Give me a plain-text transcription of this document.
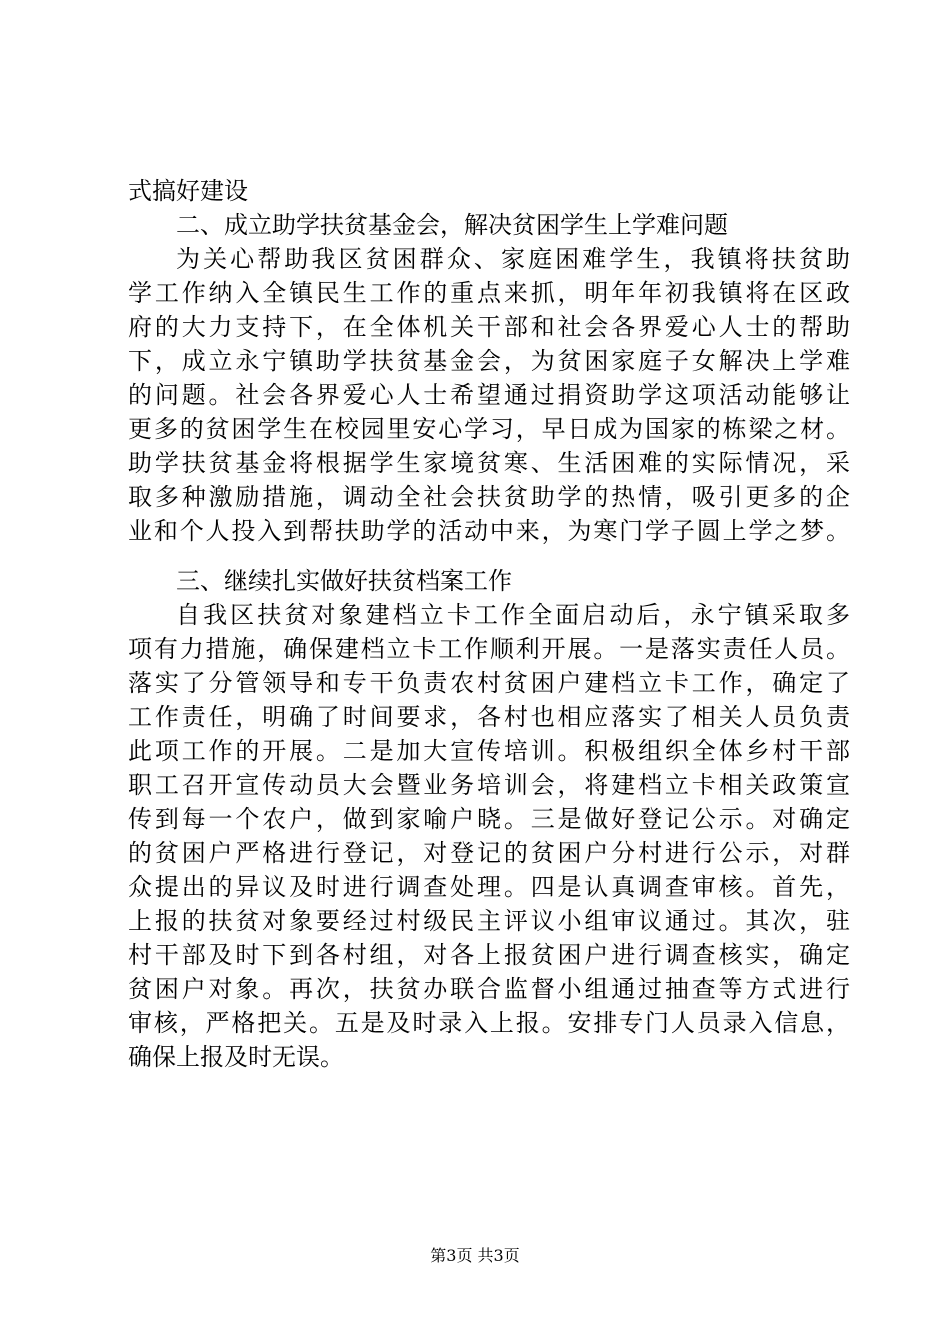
式搞好建设
二、成立助学扶贫基金会，解决贫困学生上学难问题
为关心帮助我区贫困群众、家庭困难学生，我镇将扶贫助
学工作纳入全镇民生工作的重点来抓，明年年初我镇将在区政
府的大力支持下，在全体机关干部和社会各界爱心人士的帮助
下，成立永宁镇助学扶贫基金会，为贫困家庭子女解决上学难
的问题。社会各界爱心人士希望通过捐资助学这项活动能够让
更多的贫困学生在校园里安心学习，早日成为国家的栋梁之材。
助学扶贫基金将根据学生家境贫寒、生活困难的实际情况，采
取多种激励措施，调动全社会扶贫助学的热情，吸引更多的企
业和个人投入到帮扶助学的活动中来，为寒门学子圆上学之梦。
三、继续扎实做好扶贫档案工作
自我区扶贫对象建档立卡工作全面启动后，永宁镇采取多
项有力措施，确保建档立卡工作顺利开展。一是落实责任人员。
落实了分管领导和专干负责农村贫困户建档立卡工作，确定了
工作责任，明确了时间要求，各村也相应落实了相关人员负责
此项工作的开展。二是加大宣传培训。积极组织全体乡村干部
职工召开宣传动员大会暨业务培训会，将建档立卡相关政策宣
传到每一个农户，做到家喻户晓。三是做好登记公示。对确定
的贫困户严格进行登记，对登记的贫困户分村进行公示，对群
众提出的异议及时进行调查处理。四是认真调查审核。首先，
上报的扶贫对象要经过村级民主评议小组审议通过。其次，驻
村干部及时下到各村组，对各上报贫困户进行调查核实，确定
贫困户对象。再次，扶贫办联合监督小组通过抽查等方式进行
审核，严格把关。五是及时录入上报。安排专门人员录入信息，
确保上报及时无误。
第3页 共3页
